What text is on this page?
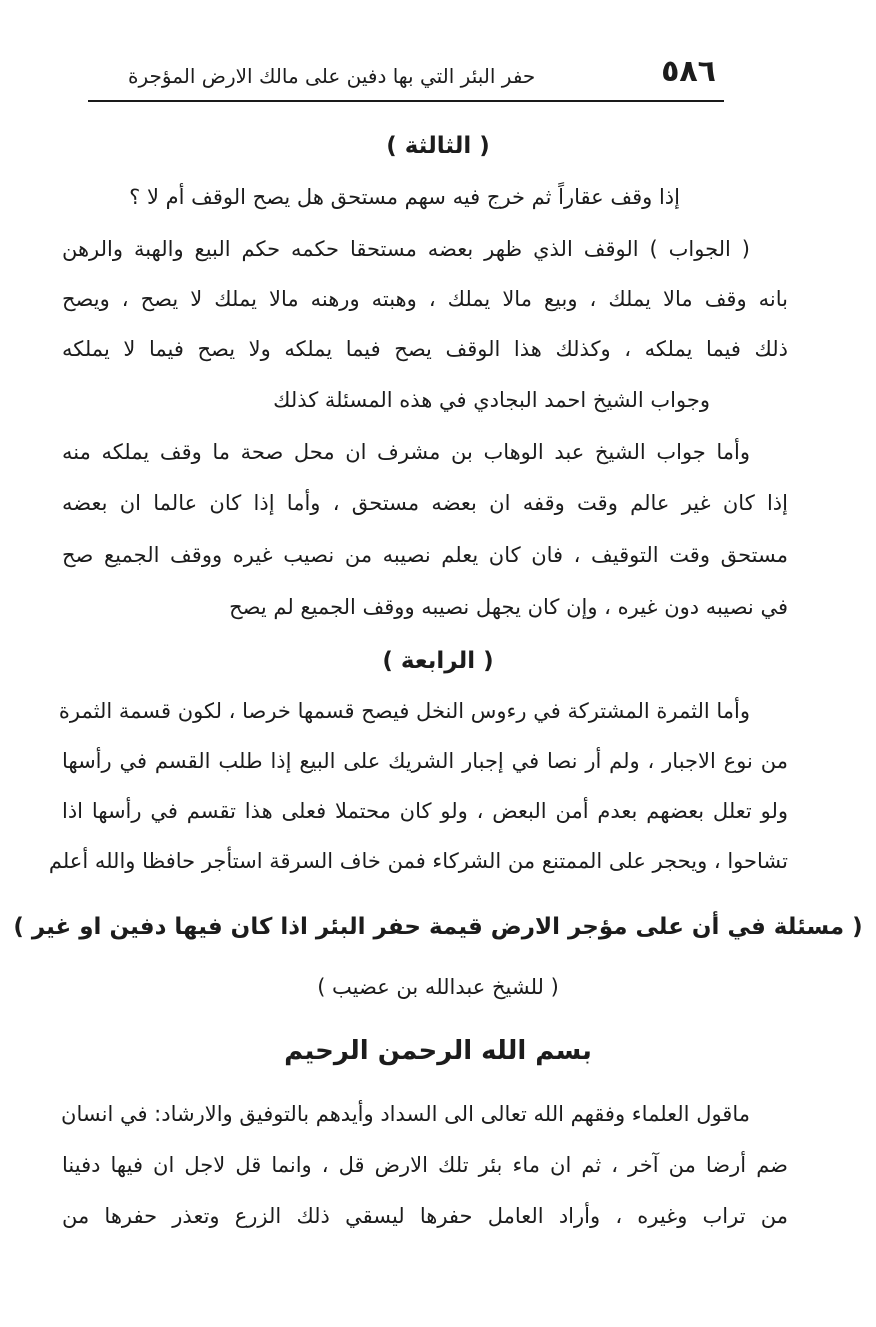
٥٨٦
حفر البئر التي بها دفين على مالك الارض المؤجرة
( الثالثة )
إذا وقف عقاراً ثم خرج فيه سهم مستحق هل يصح الوقف أم لا ؟
( الجواب ) الوقف الذي ظهر بعضه مستحقا حكمه حكم البيع والهبة والرهن
بانه وقف مالا يملك ، وبيع مالا يملك ، وهبته ورهنه مالا يملك لا يصح ، ويصح
ذلك فيما يملكه ، وكذلك هذا الوقف يصح فيما يملكه ولا يصح فيما لا يملكه
وجواب الشيخ احمد البجادي في هذه المسئلة كذلك
وأما جواب الشيخ عبد الوهاب بن مشرف ان محل صحة ما وقف يملكه منه
إذا كان غير عالم وقت وقفه ان بعضه مستحق ، وأما إذا كان عالما ان بعضه
مستحق وقت التوقيف ، فان كان يعلم نصيبه من نصيب غيره ووقف الجميع صح
في نصيبه دون غيره ، وإن كان يجهل نصيبه ووقف الجميع لم يصح
( الرابعة )
وأما الثمرة المشتركة في رءوس النخل فيصح قسمها خرصا ، لكون قسمة الثمرة
من نوع الاجبار ، ولم أر نصا في إجبار الشريك على البيع إذا طلب القسم في رأسها
ولو تعلل بعضهم بعدم أمن البعض ، ولو كان محتملا فعلى هذا تقسم في رأسها اذا
تشاحوا ، ويحجر على الممتنع من الشركاء فمن خاف السرقة استأجر حافظا والله أعلم
( مسئلة في أن على مؤجر الارض قيمة حفر البئر اذا كان فيها دفين او غير )
( للشيخ عبدالله بن عضيب )
بسم الله الرحمن الرحيم
ماقول العلماء وفقهم الله تعالى الى السداد وأيدهم بالتوفيق والارشاد: في انسان
ضم أرضا من آخر ، ثم ان ماء بئر تلك الارض قل ، وانما قل لاجل ان فيها دفينا
من تراب وغيره ، وأراد العامل حفرها ليسقي ذلك الزرع وتعذر حفرها من
